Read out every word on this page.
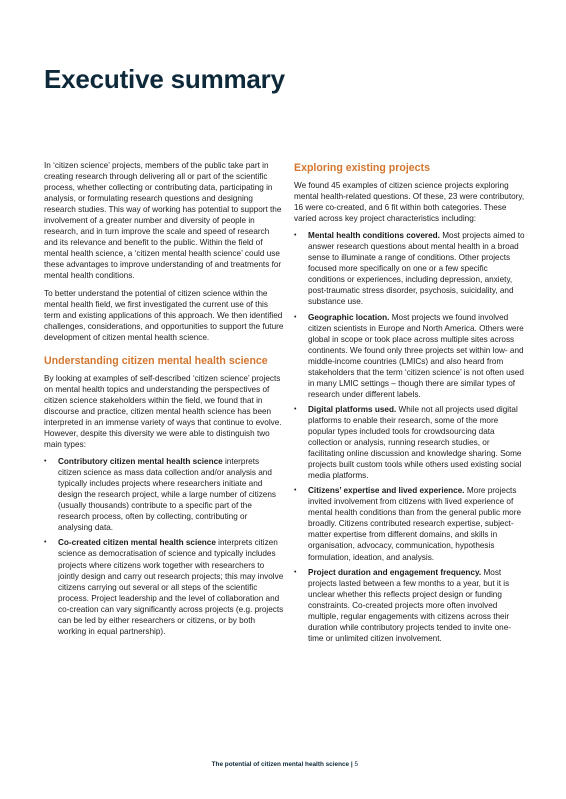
Executive summary

In ‘citizen science’ projects, members of the public take part in creating research through delivering all or part of the scientific process, whether collecting or contributing data, participating in analysis, or formulating research questions and designing research studies. This way of working has potential to support the involvement of a greater number and diversity of people in research, and in turn improve the scale and speed of research and its relevance and benefit to the public. Within the field of mental health science, a ‘citizen mental health science’ could use these advantages to improve understanding of and treatments for mental health conditions.

To better understand the potential of citizen science within the mental health field, we first investigated the current use of this term and existing applications of this approach. We then identified challenges, considerations, and opportunities to support the future development of citizen mental health science.

Understanding citizen mental health science

By looking at examples of self-described ‘citizen science’ projects on mental health topics and understanding the perspectives of citizen science stakeholders within the field, we found that in discourse and practice, citizen mental health science has been interpreted in an immense variety of ways that continue to evolve. However, despite this diversity we were able to distinguish two main types:

• Contributory citizen mental health science interprets citizen science as mass data collection and/or analysis and typically includes projects where researchers initiate and design the research project, while a large number of citizens (usually thousands) contribute to a specific part of the research process, often by collecting, contributing or analysing data.
• Co-created citizen mental health science interprets citizen science as democratisation of science and typically includes projects where citizens work together with researchers to jointly design and carry out research projects; this may involve citizens carrying out several or all steps of the scientific process. Project leadership and the level of collaboration and co-creation can vary significantly across projects (e.g. projects can be led by either researchers or citizens, or by both working in equal partnership).
Exploring existing projects

We found 45 examples of citizen science projects exploring mental health-related questions. Of these, 23 were contributory, 16 were co-created, and 6 fit within both categories. These varied across key project characteristics including:

• Mental health conditions covered. Most projects aimed to answer research questions about mental health in a broad sense to illuminate a range of conditions. Other projects focused more specifically on one or a few specific conditions or experiences, including depression, anxiety, post-traumatic stress disorder, psychosis, suicidality, and substance use.
• Geographic location. Most projects we found involved citizen scientists in Europe and North America. Others were global in scope or took place across multiple sites across continents. We found only three projects set within low- and middle-income countries (LMICs) and also heard from stakeholders that the term ‘citizen science’ is not often used in many LMIC settings – though there are similar types of research under different labels.
• Digital platforms used. While not all projects used digital platforms to enable their research, some of the more popular types included tools for crowdsourcing data collection or analysis, running research studies, or facilitating online discussion and knowledge sharing. Some projects built custom tools while others used existing social media platforms.
• Citizens’ expertise and lived experience. More projects invited involvement from citizens with lived experience of mental health conditions than from the general public more broadly. Citizens contributed research expertise, subject-matter expertise from different domains, and skills in organisation, advocacy, communication, hypothesis formulation, ideation, and analysis.
• Project duration and engagement frequency. Most projects lasted between a few months to a year, but it is unclear whether this reflects project design or funding constraints. Co-created projects more often involved multiple, regular engagements with citizens across their duration while contributory projects tended to invite one-time or unlimited citizen involvement.
The potential of citizen mental health science | 5
